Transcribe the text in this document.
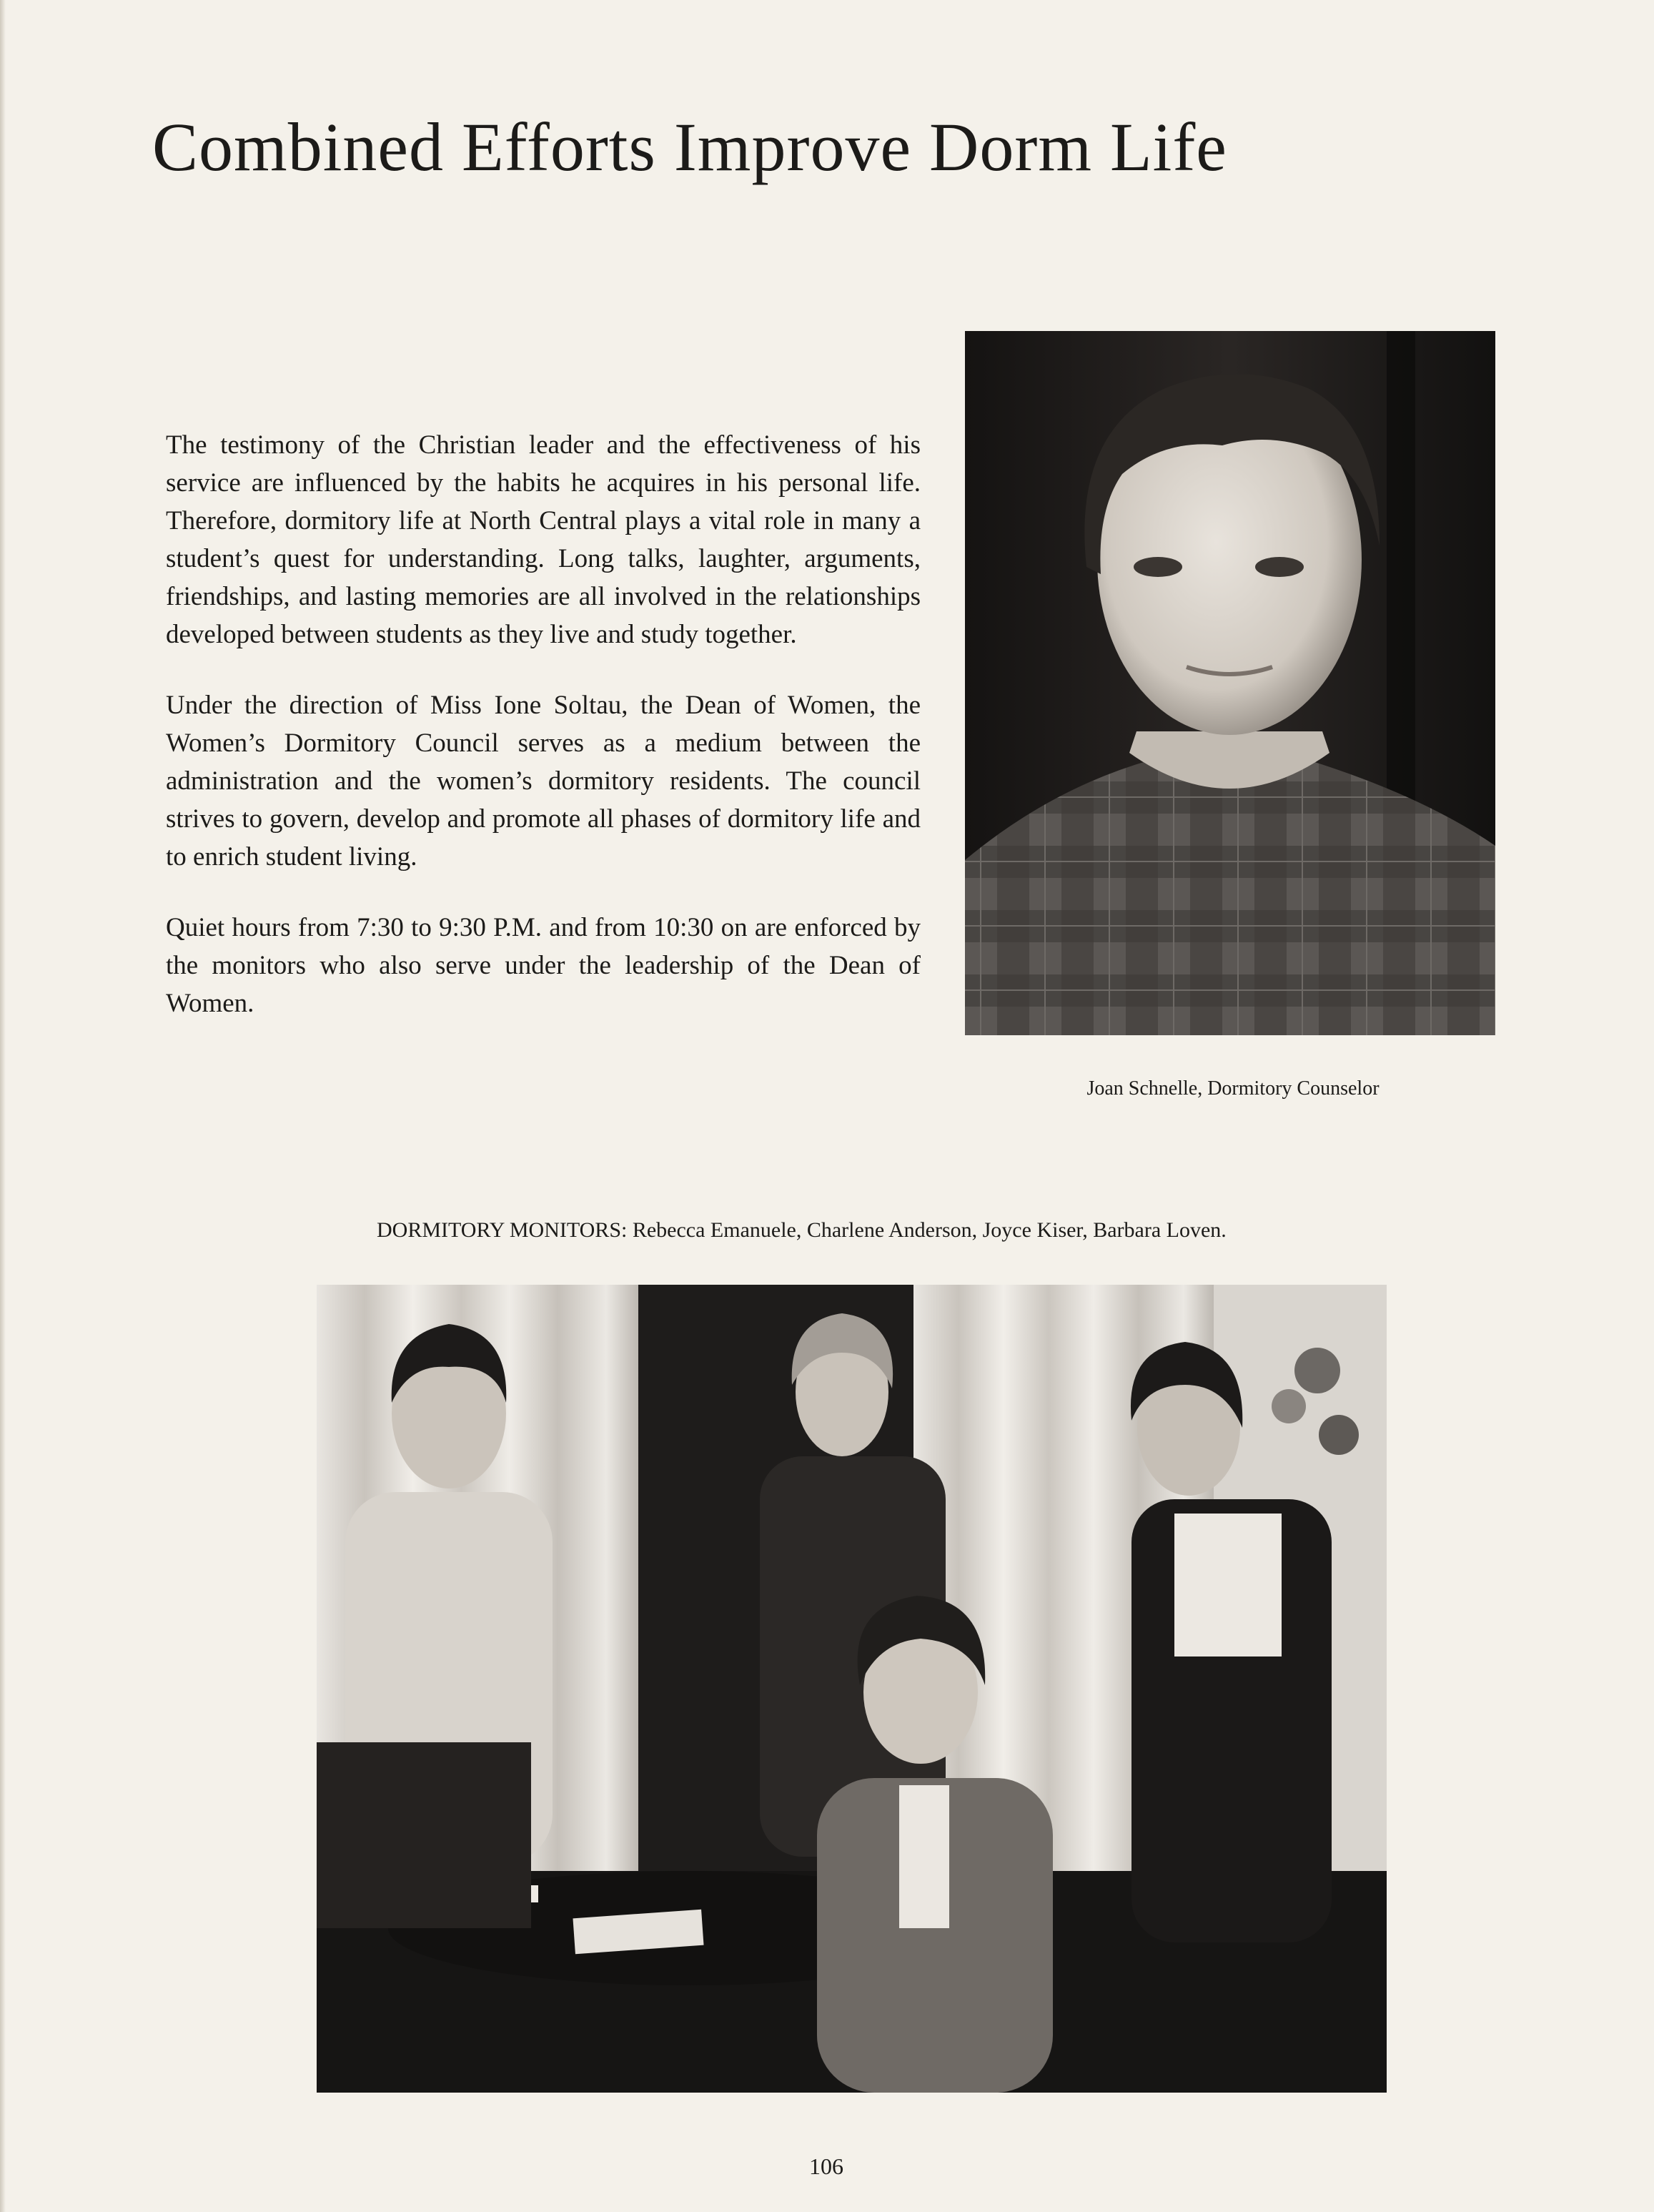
Combined Efforts Improve Dorm Life

The testimony of the Christian leader and the effectiveness of his service are influenced by the habits he acquires in his personal life. Therefore, dormitory life at North Central plays a vital role in many a student’s quest for understanding. Long talks, laughter, arguments, friendships, and lasting memories are all involved in the relationships developed between students as they live and study together.

Under the direction of Miss Ione Soltau, the Dean of Women, the Women’s Dormitory Council serves as a medium between the administration and the women’s dormitory residents. The council strives to govern, develop and promote all phases of dormitory life and to enrich student living.

Quiet hours from 7:30 to 9:30 P.M. and from 10:30 on are enforced by the monitors who also serve under the leadership of the Dean of Women.

Joan Schnelle, Dormitory Counselor
DORMITORY MONITORS: Rebecca Emanuele, Charlene Anderson, Joyce Kiser, Barbara Loven.
106
